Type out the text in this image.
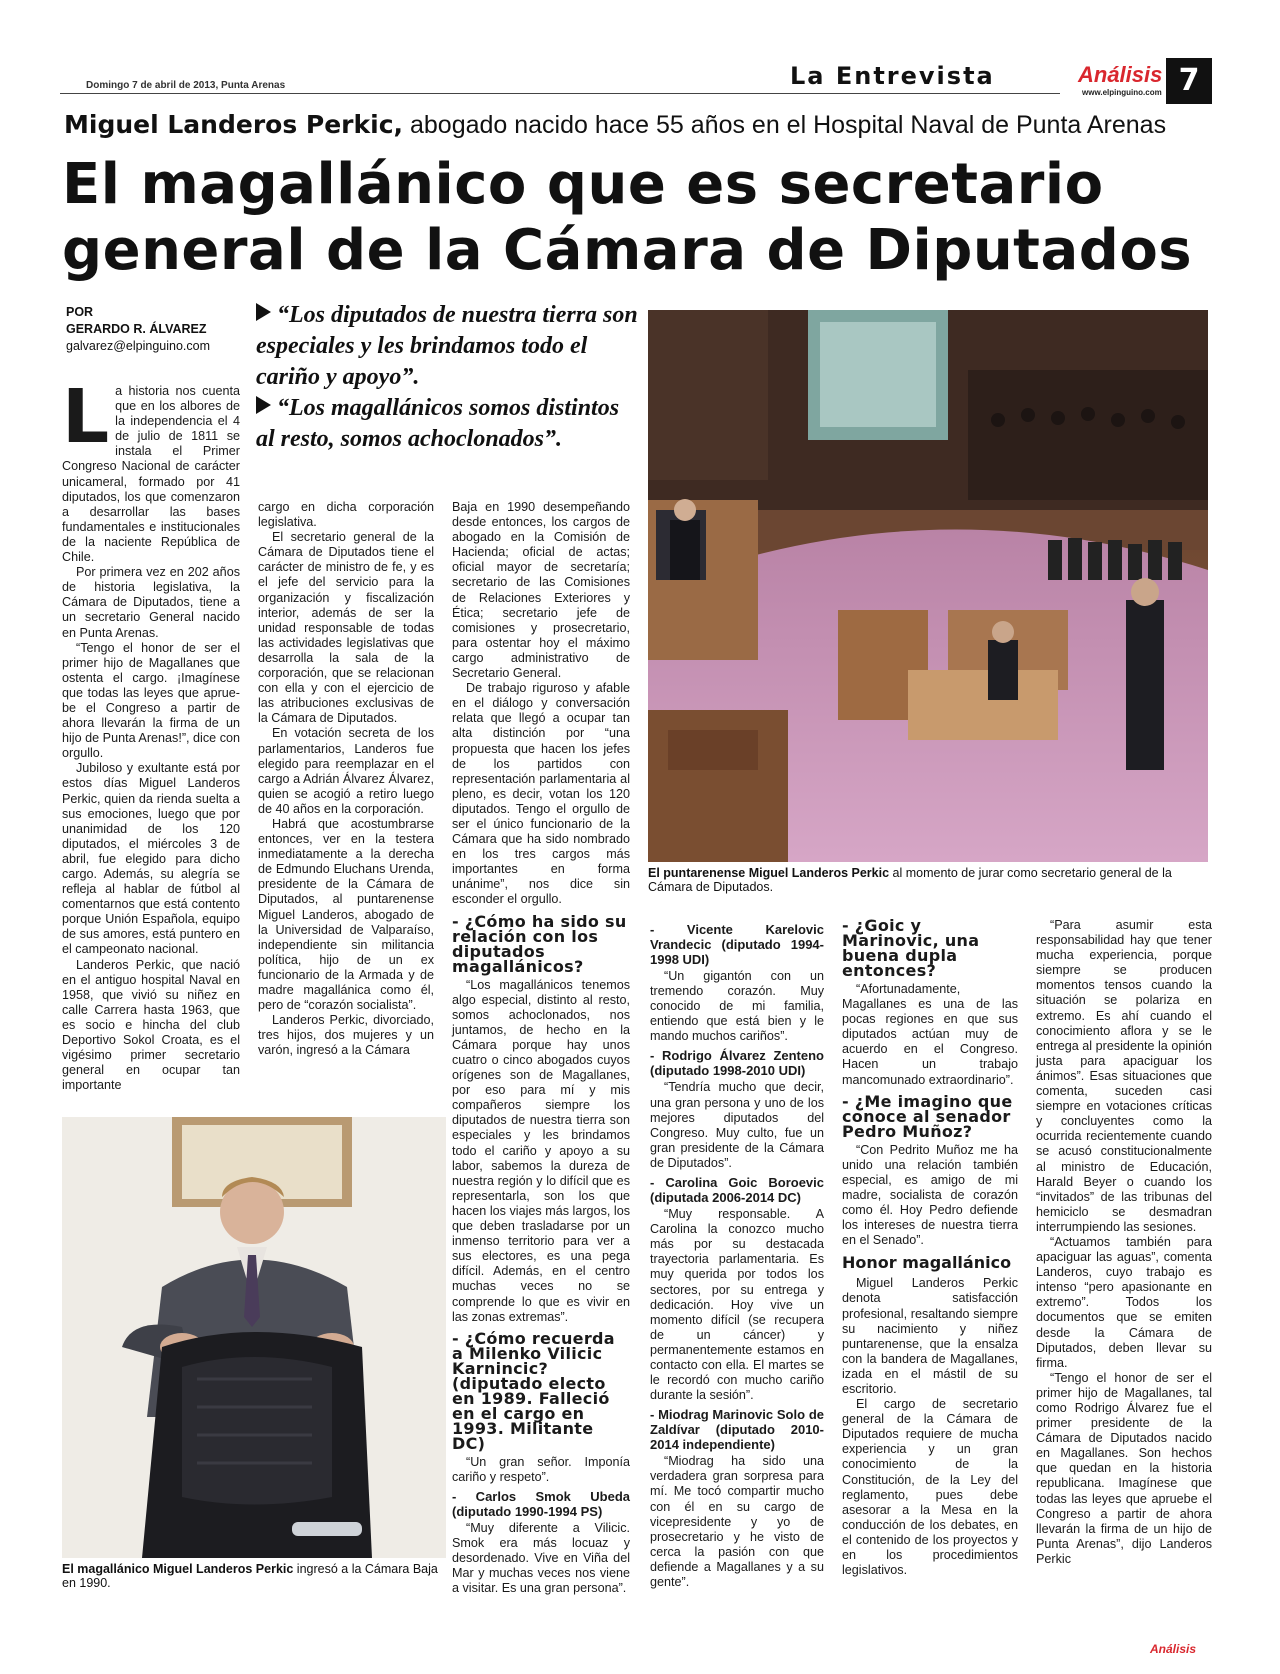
Domingo 7 de abril de 2013, Punta Arenas	La Entrevista	Análisis
www.elpinguino.com 7
Miguel Landeros Perkic, abogado nacido hace 55 años en el Hospital Naval de Punta Arenas
El magallánico que es secretario general de la Cámara de Diputados
POR
GERARDO R. ÁLVAREZ
galvarez@elpinguino.com
“Los diputados de nuestra tierra son especiales y les brindamos todo el cariño y apoyo”.
“Los magallánicos somos distintos al resto, somos achoclonados”.

La historia nos cuenta que en los albores de la independencia el 4 de julio de 1811 se instala el Primer Congreso Nacional de carácter unicameral, formado por 41 diputados, los que comenzaron a desarrollar las bases fundamentales e institucionales de la naciente República de Chile.

Por primera vez en 202 años de historia legislativa, la Cámara de Diputados, tiene a un secretario General nacido en Punta Arenas.

“Tengo el honor de ser el primer hijo de Magallanes que ostenta el cargo. ¡Imagínese que todas las leyes que apruebe el Congreso a partir de ahora llevarán la firma de un hijo de Punta Arenas!”, dice con orgullo.

Jubiloso y exultante está por estos días Miguel Landeros Perkic, quien da rienda suelta a sus emociones, luego que por unanimidad de los 120 diputados, el miércoles 3 de abril, fue elegido para dicho cargo. Además, su alegría se refleja al hablar de fútbol al comentarnos que está contento porque Unión Española, equipo de sus amores, está puntero en el campeonato nacional.

Landeros Perkic, que nació en el antiguo hospital Naval en 1958, que vivió su niñez en calle Carrera hasta 1963, que es socio e hincha del club Deportivo Sokol Croata, es el vigésimo primer secretario general en ocupar tan importante

cargo en dicha corporación legislativa.

El secretario general de la Cámara de Diputados tiene el carácter de ministro de fe, y es el jefe del servicio para la organización y fiscalización interior, además de ser la unidad responsable de todas las actividades legislativas que desarrolla la sala de la corporación, que se relacionan con ella y con el ejercicio de las atribuciones exclusivas de la Cámara de Diputados.

En votación secreta de los parlamentarios, Landeros fue elegido para reemplazar en el cargo a Adrián Álvarez Álvarez, quien se acogió a retiro luego de 40 años en la corporación.

Habrá que acostumbrarse entonces, ver en la testera inmediatamente a la derecha de Edmundo Eluchans Urenda, presidente de la Cámara de Diputados, al puntarenense Miguel Landeros, abogado de la Universidad de Valparaíso, independiente sin militancia política, hijo de un ex funcionario de la Armada y de madre magallánica como él, pero de “corazón socialista”.

Landeros Perkic, divorciado, tres hijos, dos mujeres y un varón, ingresó a la Cámara

Baja en 1990 desempeñando desde entonces, los cargos de abogado en la Comisión de Hacienda; oficial de actas; oficial mayor de secretaría; secretario de las Comisiones de Relaciones Exteriores y Ética; secretario jefe de comisiones y prosecretario, para ostentar hoy el máximo cargo administrativo de Secretario General.

De trabajo riguroso y afable en el diálogo y conversación relata que llegó a ocupar tan alta distinción por “una propuesta que hacen los jefes de los partidos con representación parlamentaria al pleno, es decir, votan los 120 diputados. Tengo el orgullo de ser el único funcionario de la Cámara que ha sido nombrado en los tres cargos más importantes en forma unánime”, nos dice sin esconder el orgullo.

- ¿Cómo ha sido su relación con los diputados magallánicos?

“Los magallánicos tenemos algo especial, distinto al resto, somos achoclonados, nos juntamos, de hecho en la Cámara porque hay unos cuatro o cinco abogados cuyos orígenes son de Magallanes, por eso para mí y mis compañeros siempre los diputados de nuestra tierra son especiales y les brindamos todo el cariño y apoyo a su labor, sabemos la dureza de nuestra región y lo difícil que es representarla, son los que hacen los viajes más largos, los que deben trasladarse por un inmenso territorio para ver a sus electores, es una pega difícil. Además, en el centro muchas veces no se comprende lo que es vivir en las zonas extremas”.

- ¿Cómo recuerda a Milenko Vilicic Karnincic? (diputado electo en 1989. Falleció en el cargo en 1993. Militante DC)

“Un gran señor. Imponía cariño y respeto”.

- Carlos Smok Ubeda (diputado 1990-1994 PS)

“Muy diferente a Vilicic. Smok era más locuaz y desordenado. Vive en Viña del Mar y muchas veces nos viene a visitar. Es una gran persona”.

El puntarenense Miguel Landeros Perkic al momento de jurar como secretario general de la Cámara de Diputados.
- Vicente Karelovic Vrandecic (diputado 1994-1998 UDI)

“Un gigantón con un tremendo corazón. Muy conocido de mi familia, entiendo que está bien y le mando muchos cariños”.

- Rodrigo Álvarez Zenteno (diputado 1998-2010 UDI)

“Tendría mucho que decir, una gran persona y uno de los mejores diputados del Congreso. Muy culto, fue un gran presidente de la Cámara de Diputados”.

- Carolina Goic Boroevic (diputada 2006-2014 DC)

“Muy responsable. A Carolina la conozco mucho más por su destacada trayectoria parlamentaria. Es muy querida por todos los sectores, por su entrega y dedicación. Hoy vive un momento difícil (se recupera de un cáncer) y permanentemente estamos en contacto con ella. El martes se le recordó con mucho cariño durante la sesión”.

- Miodrag Marinovic Solo de Zaldívar (diputado 2010-2014 independiente)

“Miodrag ha sido una verdadera gran sorpresa para mí. Me tocó compartir mucho con él en su cargo de vicepresidente y yo de prosecretario y he visto de cerca la pasión con que defiende a Magallanes y a su gente”.

- ¿Goic y Marinovic, una buena dupla entonces?

“Afortunadamente, Magallanes es una de las pocas regiones en que sus diputados actúan muy de acuerdo en el Congreso. Hacen un trabajo mancomunado extraordinario”.

- ¿Me imagino que conoce al senador Pedro Muñoz?

“Con Pedrito Muñoz me ha unido una relación también especial, es amigo de mi madre, socialista de corazón como él. Hoy Pedro defiende los intereses de nuestra tierra en el Senado”.

Honor magallánico

Miguel Landeros Perkic denota satisfacción profesional, resaltando siempre su nacimiento y niñez puntarenense, que la ensalza con la bandera de Magallanes, izada en el mástil de su escritorio.

El cargo de secretario general de la Cámara de Diputados requiere de mucha experiencia y un gran conocimiento de la Constitución, de la Ley del reglamento, pues debe asesorar a la Mesa en la conducción de los debates, en el contenido de los proyectos y en los procedimientos legislativos.

“Para asumir esta responsabilidad hay que tener mucha experiencia, porque siempre se producen momentos tensos cuando la situación se polariza en extremo. Es ahí cuando el conocimiento aflora y se le entrega al presidente la opinión justa para apaciguar los ánimos”. Esas situaciones que comenta, suceden casi siempre en votaciones críticas y concluyentes como la ocurrida recientemente cuando se acusó constitucionalmente al ministro de Educación, Harald Beyer o cuando los “invitados” de las tribunas del hemiciclo se desmadran interrumpiendo las sesiones.

“Actuamos también para apaciguar las aguas”, comenta Landeros, cuyo trabajo es intenso “pero apasionante en extremo”. Todos los documentos que se emiten desde la Cámara de Diputados, deben llevar su firma.

“Tengo el honor de ser el primer hijo de Magallanes, tal como Rodrigo Álvarez fue el primer presidente de la Cámara de Diputados nacido en Magallanes. Son hechos que quedan en la historia republicana. Imagínese que todas las leyes que apruebe el Congreso a partir de ahora llevarán la firma de un hijo de Punta Arenas”, dijo Landeros Perkic

Análisis
El magallánico Miguel Landeros Perkic ingresó a la Cámara Baja en 1990.
